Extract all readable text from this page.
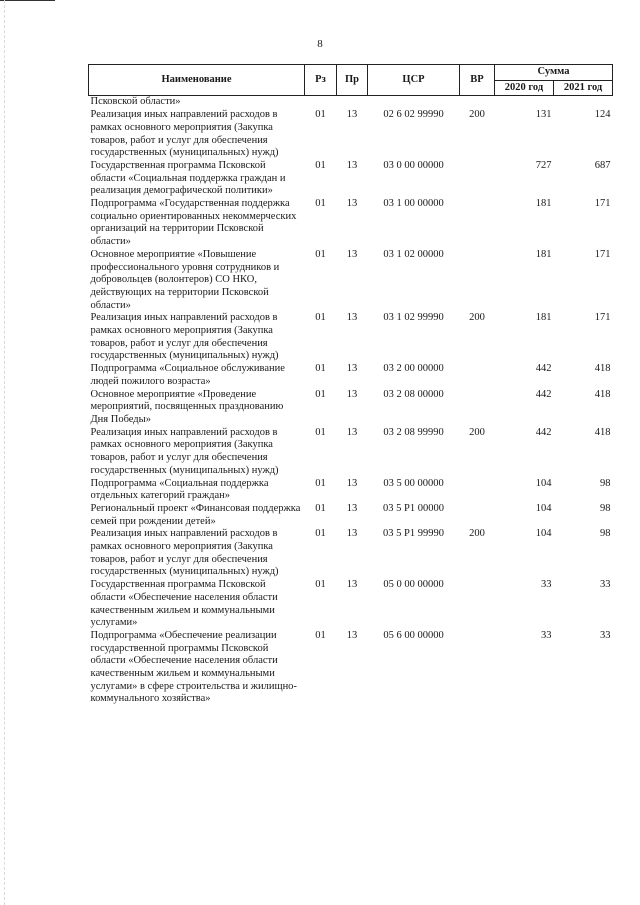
8
Наименование	Рз	Пр	ЦСР	ВР	Сумма	
					2020 год	2021 год
Псковской области»						
Реализация иных направлений расходов в рамках основного мероприятия (Закупка товаров, работ и услуг для обеспечения государственных (муниципальных) нужд)	01	13	02 6 02 99990	200	131	124
Государственная программа Псковской области «Социальная поддержка граждан и реализация демографической политики»	01	13	03 0 00 00000		727	687
Подпрограмма «Государственная поддержка социально ориентированных некоммерческих организаций на территории Псковской области»	01	13	03 1 00 00000		181	171
Основное мероприятие «Повышение профессионального уровня сотрудников и добровольцев (волонтеров) СО НКО, действующих на территории Псковской области»	01	13	03 1 02 00000		181	171
Реализация иных направлений расходов в рамках основного мероприятия (Закупка товаров, работ и услуг для обеспечения государственных (муниципальных) нужд)	01	13	03 1 02 99990	200	181	171
Подпрограмма «Социальное обслуживание людей пожилого возраста»	01	13	03 2 00 00000		442	418
Основное мероприятие «Проведение мероприятий, посвященных празднованию Дня Победы»	01	13	03 2 08 00000		442	418
Реализация иных направлений расходов в рамках основного мероприятия (Закупка товаров, работ и услуг для обеспечения государственных (муниципальных) нужд)	01	13	03 2 08 99990	200	442	418
Подпрограмма «Социальная поддержка отдельных категорий граждан»	01	13	03 5 00 00000		104	98
Региональный проект «Финансовая поддержка семей при рождении детей»	01	13	03 5 P1 00000		104	98
Реализация иных направлений расходов в рамках основного мероприятия (Закупка товаров, работ и услуг для обеспечения государственных (муниципальных) нужд)	01	13	03 5 P1 99990	200	104	98
Государственная программа Псковской области «Обеспечение населения области качественным жильем и коммунальными услугами»	01	13	05 0 00 00000		33	33
Подпрограмма «Обеспечение реализации государственной программы Псковской области «Обеспечение населения области качественным жильем и коммунальными услугами» в сфере строительства и жилищно-коммунального хозяйства»	01	13	05 6 00 00000		33	33
